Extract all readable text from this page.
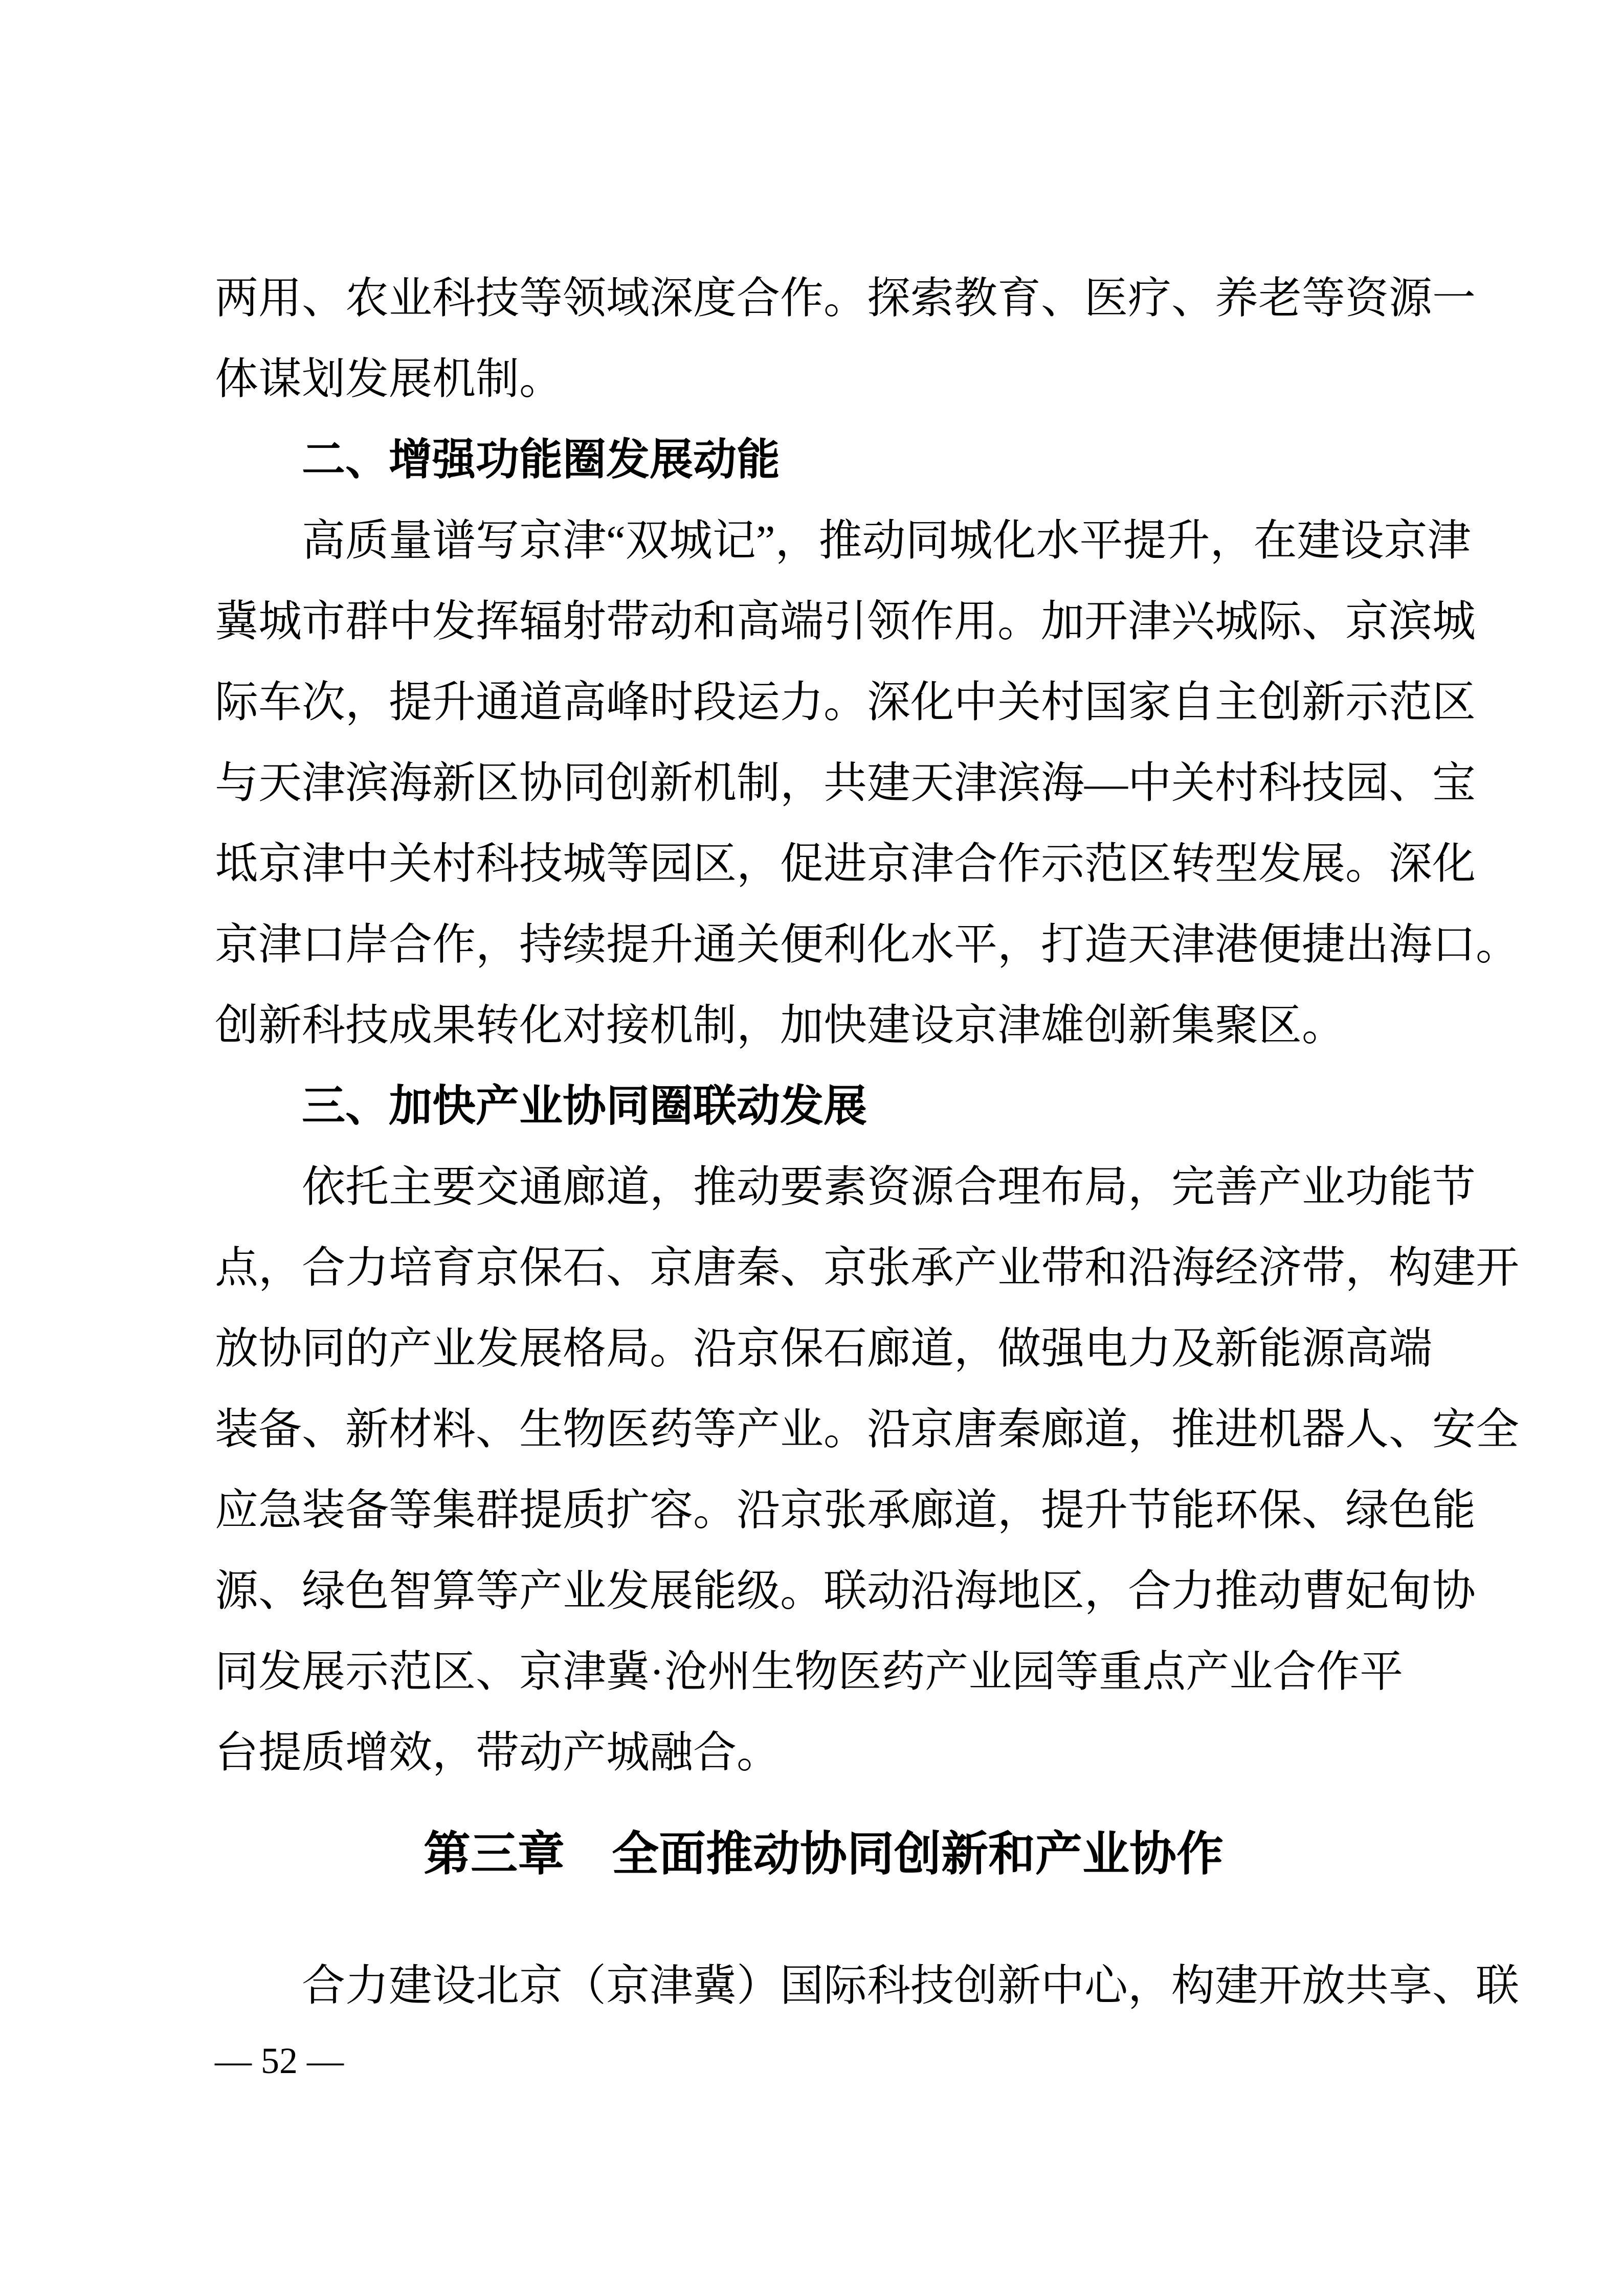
两用、农业科技等领域深度合作。探索教育、医疗、养老等资源一
体谋划发展机制。
二、增强功能圈发展动能
高质量谱写京津“双城记”，推动同城化水平提升，在建设京津
冀城市群中发挥辐射带动和高端引领作用。加开津兴城际、京滨城
际车次，提升通道高峰时段运力。深化中关村国家自主创新示范区
与天津滨海新区协同创新机制，共建天津滨海—中关村科技园、宝
坻京津中关村科技城等园区，促进京津合作示范区转型发展。深化
京津口岸合作，持续提升通关便利化水平，打造天津港便捷出海口。
创新科技成果转化对接机制，加快建设京津雄创新集聚区。
三、加快产业协同圈联动发展
依托主要交通廊道，推动要素资源合理布局，完善产业功能节
点，合力培育京保石、京唐秦、京张承产业带和沿海经济带，构建开
放协同的产业发展格局。沿京保石廊道，做强电力及新能源高端
装备、新材料、生物医药等产业。沿京唐秦廊道，推进机器人、安全
应急装备等集群提质扩容。沿京张承廊道，提升节能环保、绿色能
源、绿色智算等产业发展能级。联动沿海地区，合力推动曹妃甸协
同发展示范区、京津冀·沧州生物医药产业园等重点产业合作平
台提质增效，带动产城融合。
第三章　全面推动协同创新和产业协作
合力建设北京（京津冀）国际科技创新中心，构建开放共享、联
— 52 —
